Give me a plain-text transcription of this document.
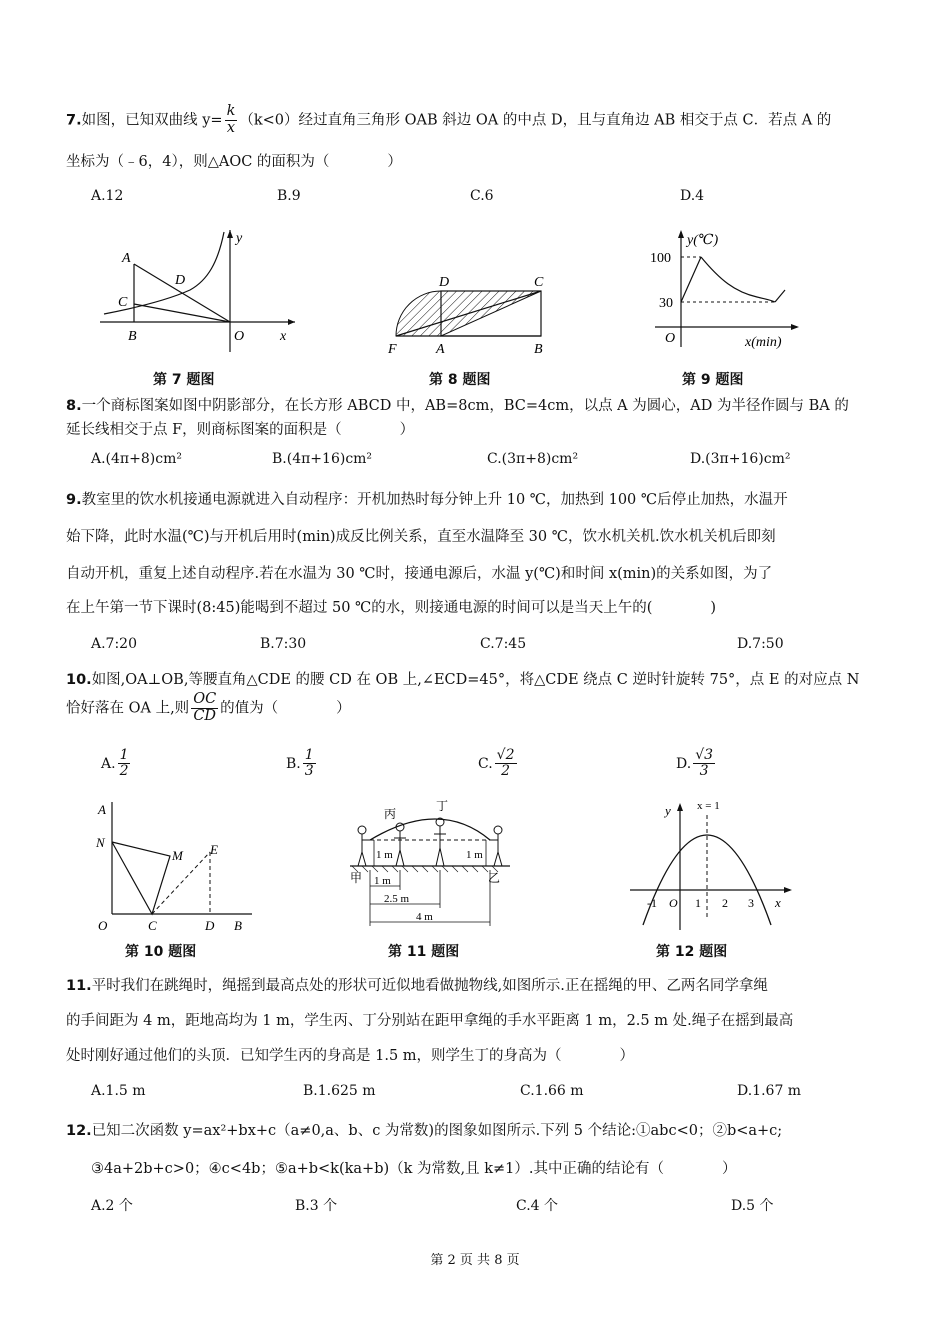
7.如图，已知双曲线 $y= \frac{k}{x} (k<0)$经过直角三角形 OAB 斜边 OA 的中点 D，且与直角边 AB 相交于点 C．若点 A 的
坐标为（﹣6，4），则△AOC 的面积为（　　　　）
A.12	B.9	C.6	D.4
A
C
D
B	O	x
y
D	C
F	A	B
y(℃)
100
30
O	x(min)
第 7 题图	第 8 题图	第 9 题图
8.一个商标图案如图中阴影部分，在长方形 ABCD 中，AB=8cm，BC=4cm，以点 A 为圆心，AD 为半径作圆与 BA 的
延长线相交于点 F，则商标图案的面积是（　　　　）
A.(4π+8)cm²	B.(4π+16)cm²	C.(3π+8)cm²	D.(3π+16)cm²
9.教室里的饮水机接通电源就进入自动程序：开机加热时每分钟上升 10 ℃，加热到 100 ℃后停止加热，水温开
始下降，此时水温(℃)与开机后用时(min)成反比例关系，直至水温降至 30 ℃，饮水机关机.饮水机关机后即刻
自动开机，重复上述自动程序.若在水温为 30 ℃时，接通电源后，水温 y(℃)和时间 x(min)的关系如图，为了
在上午第一节下课时(8:45)能喝到不超过 50 ℃的水，则接通电源的时间可以是当天上午的(　　　　)
A.7:20	B.7:30	C.7:45	D.7:50
10.如图,OA⊥OB,等腰直角△CDE 的腰 CD 在 OB 上,∠ECD=45°，将△CDE 绕点 C 逆时针旋转 75°，点 E 的对应点 N
恰好落在 OA 上,则 $\frac{OC}{CD}$ 的值为（　　　　）
A. $\frac{1}{2}$	B. $\frac{1}{3}$	C. $\frac{√2}{2}$	D. $\frac{√3}{3}$
A
N
M E
O	C	D B
丙
丁
甲	乙
1 m	1 m
1 m
2.5 m
4 m
y x = 1
-1 O 1 2 3 x
第 10 题图	第 11 题图	第 12 题图
11.平时我们在跳绳时，绳摇到最高点处的形状可近似地看做抛物线,如图所示.正在摇绳的甲、乙两名同学拿绳
的手间距为 4 m，距地高均为 1 m，学生丙、丁分别站在距甲拿绳的手水平距离 1 m，2.5 m 处.绳子在摇到最高
处时刚好通过他们的头顶．已知学生丙的身高是 1.5 m，则学生丁的身高为（　　　　）
A.1.5 m	B.1.625 m	C.1.66 m	D.1.67 m
12.已知二次函数 y=ax²+bx+c（a≠0,a、b、c 为常数)的图象如图所示.下列 5 个结论:①abc<0；②b<a+c;
③4a+2b+c>0；④c<4b；⑤a+b<k(ka+b)（k 为常数,且 k≠1）.其中正确的结论有（　　　　）
A.2 个	B.3 个	C.4 个	D.5 个
第 2 页 共 8 页
